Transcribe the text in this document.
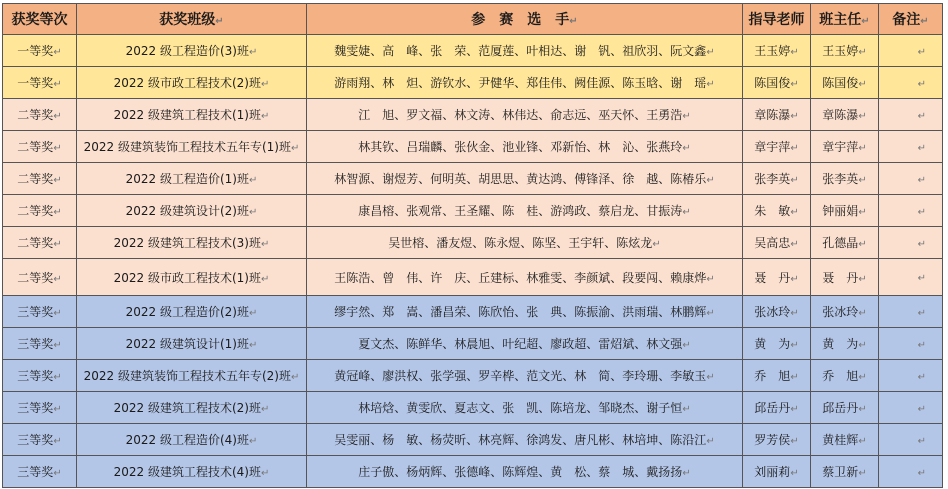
获奖等次	获奖班级↵	参　赛　选　手↵	指导老师	班主任↵	备注↵
一等奖↵	2022 级工程造价(3)班↵	魏雯婕、高　峰、张　荣、范厦莲、叶相达、谢　钒、祖欣羽、阮文鑫↵	王玉婷↵	王玉婷↵	↵
一等奖↵	2022 级市政工程技术(2)班↵	游雨翔、林　炟、游钦水、尹健华、郑佳伟、阙佳源、陈玉晗、谢　瑶↵	陈国俊↵	陈国俊↵	↵
二等奖↵	2022 级建筑工程技术(1)班↵	江　旭、罗文福、林文涛、林伟达、俞志远、巫天怀、王勇浩↵	章陈瀑↵	章陈瀑↵	↵
二等奖↵	2022 级建筑装饰工程技术五年专(1)班↵	林其钦、吕瑞麟、张伙金、池业锋、邓新怡、林　沁、张燕玲↵	章宇萍↵	章宇萍↵	↵
二等奖↵	2022 级工程造价(1)班↵	林智源、谢煜芳、何明英、胡思思、黄达鸿、傅锋泽、徐　越、陈椿乐↵	张李英↵	张李英↵	↵
二等奖↵	2022 级建筑设计(2)班↵	康昌榕、张观常、王圣耀、陈　桂、游鸿政、蔡启龙、甘振涛↵	朱　敏↵	钟丽娟↵	↵
二等奖↵	2022 级建筑工程技术(3)班↵	吴世榕、潘友煜、陈永煜、陈坚、王宇轩、陈炫龙↵	吴高忠↵	孔德晶↵	↵
二等奖↵	2022 级市政工程技术(1)班↵	王陈浩、曾　伟、许　庆、丘建标、林雅雯、李颜斌、段要闯、赖康烨↵	聂　丹↵	聂　丹↵	↵
三等奖↵	2022 级工程造价(2)班↵	缪宇然、郑　嵩、潘昌荣、陈欣怡、张　典、陈振渝、洪雨瑞、林鹏辉↵	张冰玲↵	张冰玲↵	↵
三等奖↵	2022 级建筑设计(1)班↵	夏文杰、陈鲜华、林晨旭、叶纪超、廖政超、雷炤斌、林文强↵	黄　为↵	黄　为↵	↵
三等奖↵	2022 级建筑装饰工程技术五年专(2)班↵	黄冠峰、廖洪权、张学强、罗辛桦、范文光、林　简、李玲珊、李敏玉↵	乔　旭↵	乔　旭↵	↵
三等奖↵	2022 级建筑工程技术(2)班↵	林培焓、黄雯欣、夏志文、张　凯、陈培龙、邹晓杰、谢子恒↵	邱岳丹↵	邱岳丹↵	↵
三等奖↵	2022 级工程造价(4)班↵	吴雯丽、杨　敏、杨荧昕、林亮辉、徐鸿发、唐凡彬、林培坤、陈沿江↵	罗芳侯↵	黄桂辉↵	↵
三等奖↵	2022 级建筑工程技术(4)班↵	庄子傲、杨炳辉、张德峰、陈辉煌、黄　松、蔡　城、戴扬扬↵	刘丽莉↵	蔡卫新↵	↵
